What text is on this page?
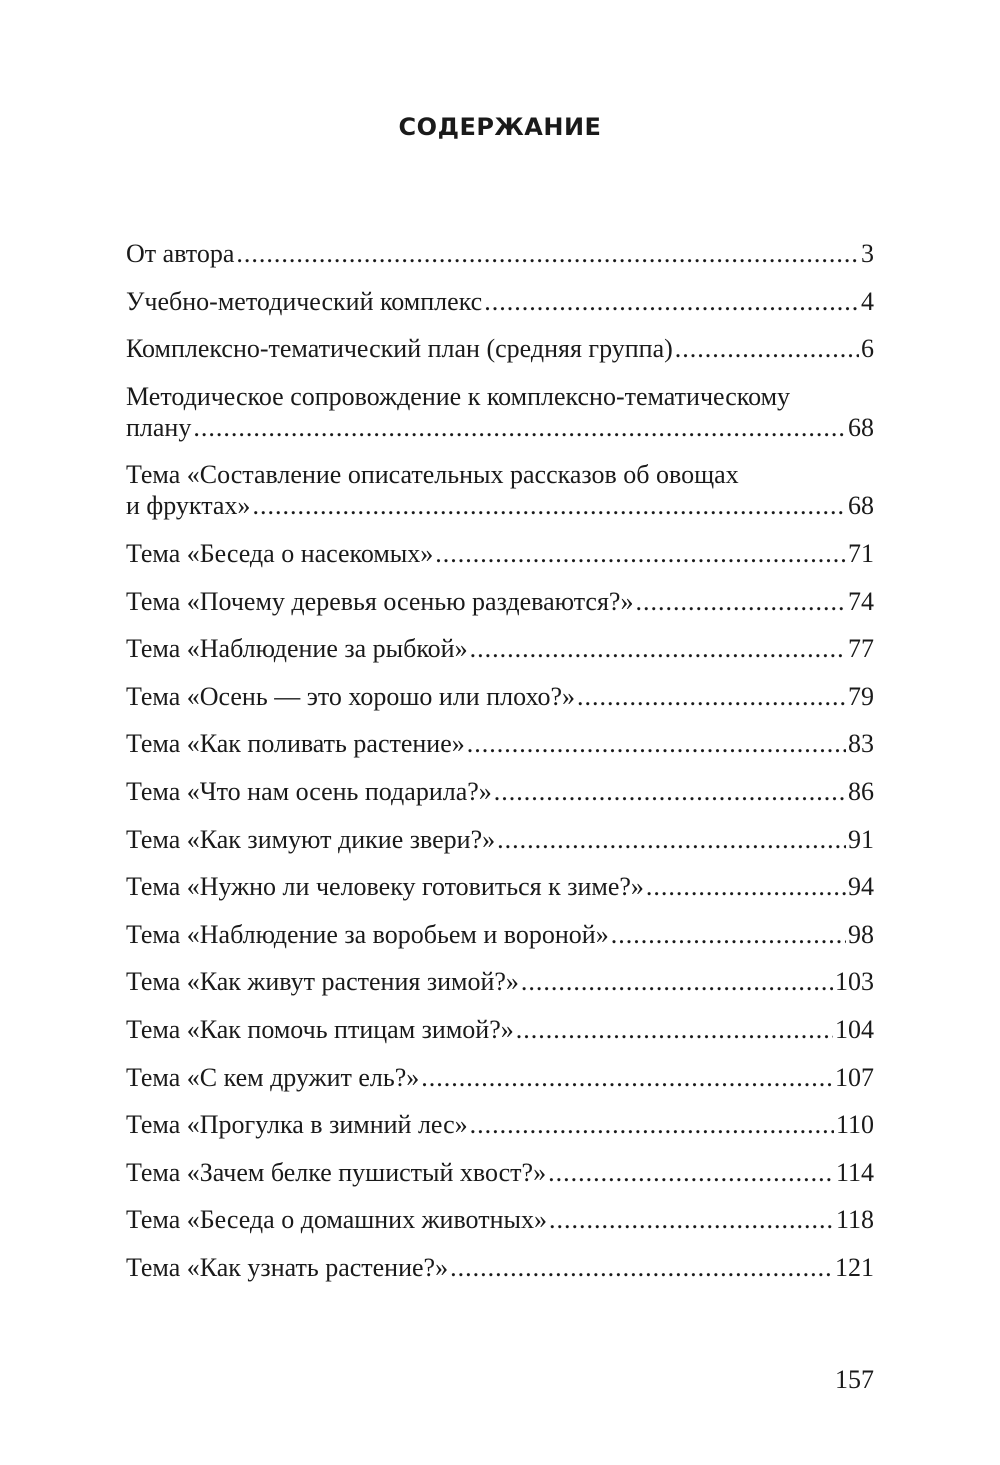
СОДЕРЖАНИЕ
От автора .....	3
Учебно-методический комплекс .....	4
Комплексно-тематический план (средняя группа) .....	6
Методическое сопровождение к комплексно-тематическому
плану .....	68
Тема «Составление описательных рассказов об овощах
и фруктах» .....	68
Тема «Беседа о насекомых» .....	71
Тема «Почему деревья осенью раздеваются?» .....	74
Тема «Наблюдение за рыбкой» .....	77
Тема «Осень — это хорошо или плохо?» .....	79
Тема «Как поливать растение» .....	83
Тема «Что нам осень подарила?» .....	86
Тема «Как зимуют дикие звери?» .....	91
Тема «Нужно ли человеку готовиться к зиме?» .....	94
Тема «Наблюдение за воробьем и вороной» .....	98
Тема «Как живут растения зимой?» .....	103
Тема «Как помочь птицам зимой?» .....	104
Тема «С кем дружит ель?» .....	107
Тема «Прогулка в зимний лес» .....	110
Тема «Зачем белке пушистый хвост?» .....	114
Тема «Беседа о домашних животных» .....	118
Тема «Как узнать растение?» .....	121
157
